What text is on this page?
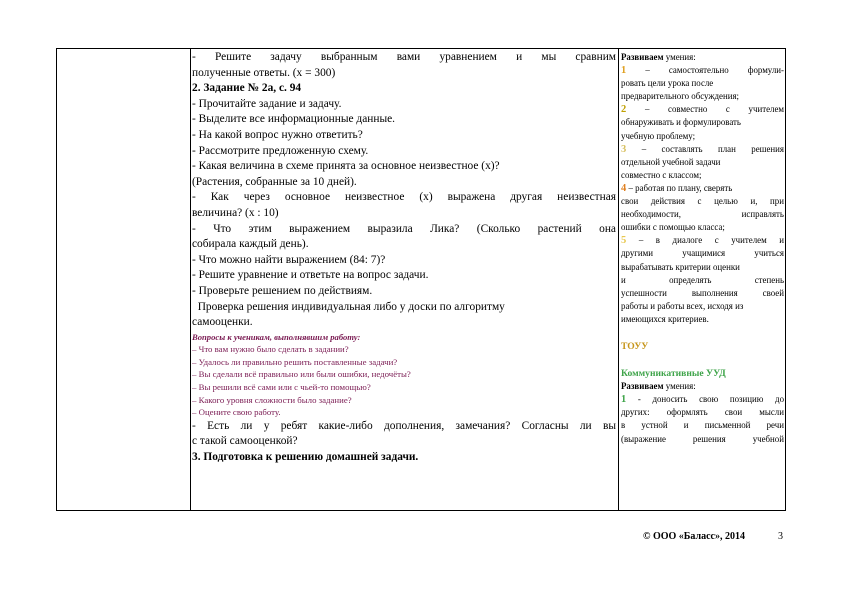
- Решите задачу выбранным вами уравнением и мы сравним
полученные ответы. (х = 300)
2. Задание № 2а, с. 94
- Прочитайте задание и задачу.
- Выделите все информационные данные.
- На какой вопрос нужно ответить?
- Рассмотрите предложенную схему.
- Какая величина в схеме принята за основное неизвестное (х)?
(Растения, собранные за 10 дней).
- Как через основное неизвестное (х) выражена другая неизвестная
величина? (х : 10)
- Что этим выражением выразила Лика? (Сколько растений она
собирала каждый день).
- Что можно найти выражением (84: 7)?
- Решите уравнение и ответьте на вопрос задачи.
- Проверьте решением по действиям.
Проверка решения индивидуальная либо у доски по алгоритму
самооценки.
Вопросы к ученикам, выполнявшим работу:
– Что вам нужно было сделать в задании?
– Удалось ли правильно решить поставленные задачи?
– Вы сделали всё правильно или были ошибки, недочёты?
– Вы решили всё сами или с чьей-то помощью?
– Какого уровня сложности было задание?
– Оцените свою работу.
- Есть ли у ребят какие-либо дополнения, замечания? Согласны ли вы
с такой самооценкой?
3. Подготовка к решению домашней задачи.
Развиваем умения:
1 – самостоятельно формули-
ровать цели урока после
предварительного обсуждения;
2 – совместно с учителем
обнаруживать и формулировать
учебную проблему;
3 – составлять план решения
отдельной учебной задачи
совместно с классом;
4 – работая по плану, сверять
свои действия с целью и, при
необходимости, исправлять
ошибки с помощью класса;
5 – в диалоге с учителем и
другими учащимися учиться
вырабатывать критерии оценки
и определять степень
успешности выполнения своей
работы и работы всех, исходя из
имеющихся критериев.
ТОУУ
Коммуникативные УУД
Развиваем умения:
1 - доносить свою позицию до
других: оформлять свои мысли
в устной и письменной речи
(выражение решения учебной
© ООО «Баласс», 2014	3
